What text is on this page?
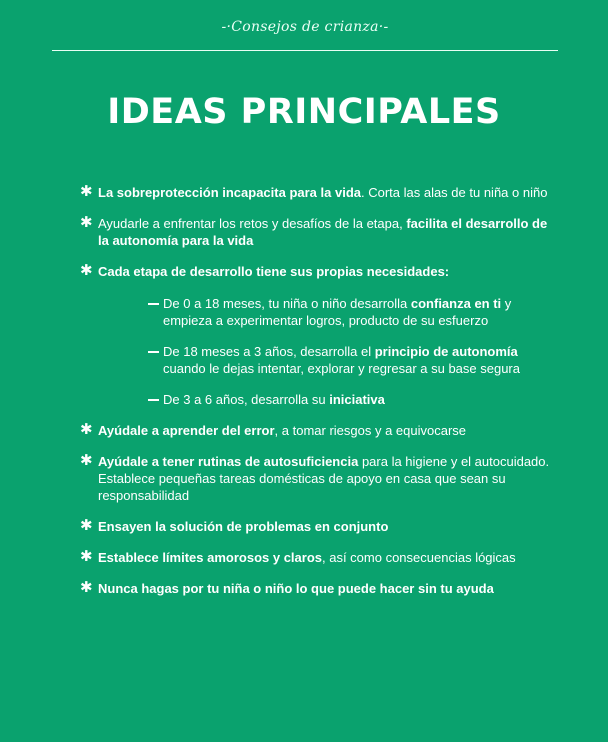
-·Consejos de crianza·-
IDEAS PRINCIPALES
✱ La sobreprotección incapacita para la vida. Corta las alas de tu niña o niño
✱ Ayudarle a enfrentar los retos y desafíos de la etapa, facilita el desarrollo de la autonomía para la vida
✱ Cada etapa de desarrollo tiene sus propias necesidades:
De 0 a 18 meses, tu niña o niño desarrolla confianza en ti y empieza a experimentar logros, producto de su esfuerzo
De 18 meses a 3 años, desarrolla el principio de autonomía cuando le dejas intentar, explorar y regresar a su base segura
De 3 a 6 años, desarrolla su iniciativa
✱ Ayúdale a aprender del error, a tomar riesgos y a equivocarse
✱ Ayúdale a tener rutinas de autosuficiencia para la higiene y el autocuidado. Establece pequeñas tareas domésticas de apoyo en casa que sean su responsabilidad
✱ Ensayen la solución de problemas en conjunto
✱ Establece límites amorosos y claros, así como consecuencias lógicas
✱ Nunca hagas por tu niña o niño lo que puede hacer sin tu ayuda
